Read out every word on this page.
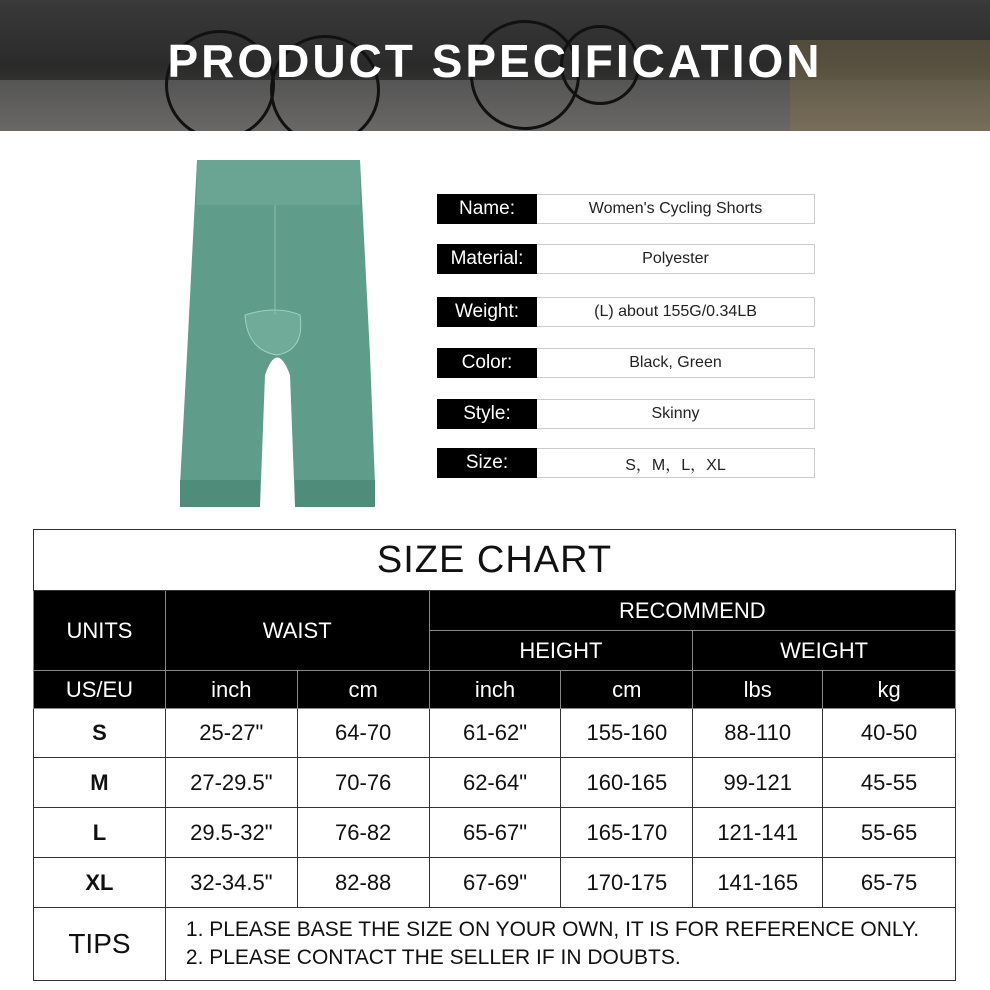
PRODUCT SPECIFICATION
Name:	Women's Cycling Shorts
Material:	Polyester
Weight:	(L) about 155G/0.34LB
Color:	Black, Green
Style:	Skinny
Size:	S，M，L，XL
SIZE CHART						
UNITS	WAIST		RECOMMEND			
			HEIGHT		WEIGHT	
US/EU	inch	cm	inch	cm	lbs	kg
S	25-27"	64-70	61-62"	155-160	88-110	40-50
M	27-29.5"	70-76	62-64"	160-165	99-121	45-55
L	29.5-32"	76-82	65-67"	165-170	121-141	55-65
XL	32-34.5"	82-88	67-69"	170-175	141-165	65-75
TIPS	1. PLEASE BASE THE SIZE ON YOUR OWN, IT IS FOR REFERENCE ONLY.
2. PLEASE CONTACT THE SELLER IF IN DOUBTS.					
